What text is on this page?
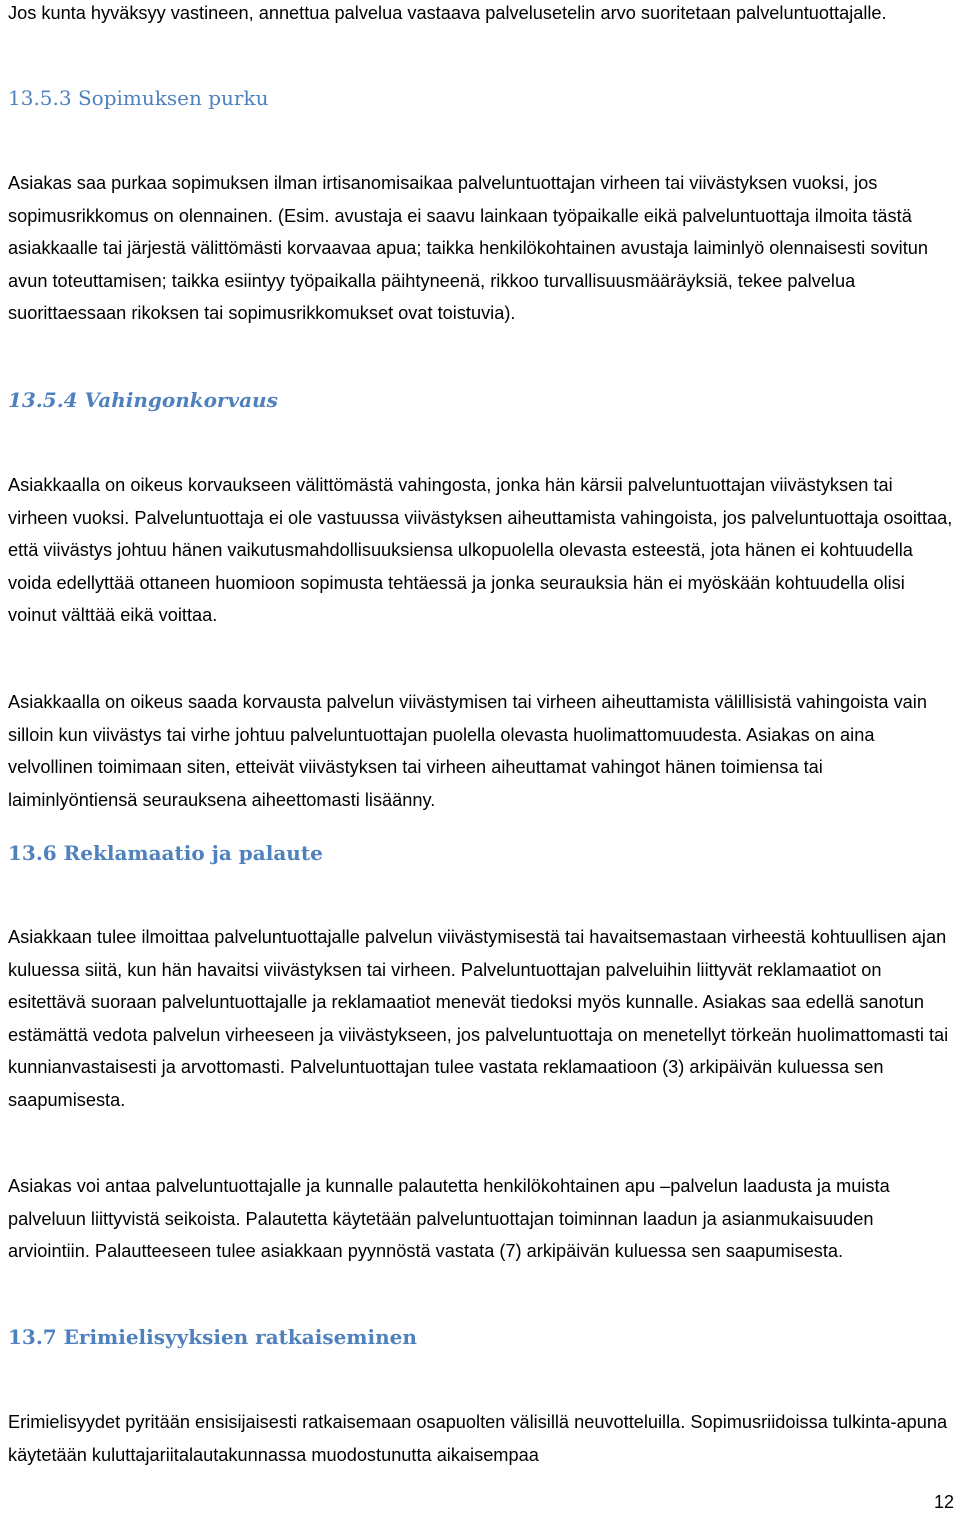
Jos kunta hyväksyy vastineen, annettua palvelua vastaava palvelusetelin arvo suoritetaan palveluntuottajalle.

13.5.3 Sopimuksen purku

Asiakas saa purkaa sopimuksen ilman irtisanomisaikaa palveluntuottajan virheen tai viivästyksen vuoksi, jos sopimusrikkomus on olennainen. (Esim. avustaja ei saavu lainkaan työpaikalle eikä palveluntuottaja ilmoita tästä asiakkaalle tai järjestä välittömästi korvaavaa apua; taikka henkilökohtainen avustaja laiminlyö olennaisesti sovitun avun toteuttamisen; taikka esiintyy työpaikalla päihtyneenä, rikkoo turvallisuusmääräyksiä, tekee palvelua suorittaessaan rikoksen tai sopimusrikkomukset ovat toistuvia).

13.5.4 Vahingonkorvaus

Asiakkaalla on oikeus korvaukseen välittömästä vahingosta, jonka hän kärsii palveluntuottajan viivästyksen tai virheen vuoksi. Palveluntuottaja ei ole vastuussa viivästyksen aiheuttamista vahingoista, jos palveluntuottaja osoittaa, että viivästys johtuu hänen vaikutusmahdollisuuksiensa ulkopuolella olevasta esteestä, jota hänen ei kohtuudella voida edellyttää ottaneen huomioon sopimusta tehtäessä ja jonka seurauksia hän ei myöskään kohtuudella olisi voinut välttää eikä voittaa.

Asiakkaalla on oikeus saada korvausta palvelun viivästymisen tai virheen aiheuttamista välillisistä vahingoista vain silloin kun viivästys tai virhe johtuu palveluntuottajan puolella olevasta huolimattomuudesta. Asiakas on aina velvollinen toimimaan siten, etteivät viivästyksen tai virheen aiheuttamat vahingot hänen toimiensa tai laiminlyöntiensä seurauksena aiheettomasti lisäänny.

13.6 Reklamaatio ja palaute

Asiakkaan tulee ilmoittaa palveluntuottajalle palvelun viivästymisestä tai havaitsemastaan virheestä kohtuullisen ajan kuluessa siitä, kun hän havaitsi viivästyksen tai virheen. Palveluntuottajan palveluihin liittyvät reklamaatiot on esitettävä suoraan palveluntuottajalle ja reklamaatiot menevät tiedoksi myös kunnalle. Asiakas saa edellä sanotun estämättä vedota palvelun virheeseen ja viivästykseen, jos palveluntuottaja on menetellyt törkeän huolimattomasti tai kunnianvastaisesti ja arvottomasti. Palveluntuottajan tulee vastata reklamaatioon (3) arkipäivän kuluessa sen saapumisesta.

Asiakas voi antaa palveluntuottajalle ja kunnalle palautetta henkilökohtainen apu –palvelun laadusta ja muista palveluun liittyvistä seikoista. Palautetta käytetään palveluntuottajan toiminnan laadun ja asianmukaisuuden arviointiin. Palautteeseen tulee asiakkaan pyynnöstä vastata (7) arkipäivän kuluessa sen saapumisesta.

13.7 Erimielisyyksien ratkaiseminen

Erimielisyydet pyritään ensisijaisesti ratkaisemaan osapuolten välisillä neuvotteluilla. Sopimusriidoissa tulkinta-apuna käytetään kuluttajariitalautakunnassa muodostunutta aikaisempaa

12
